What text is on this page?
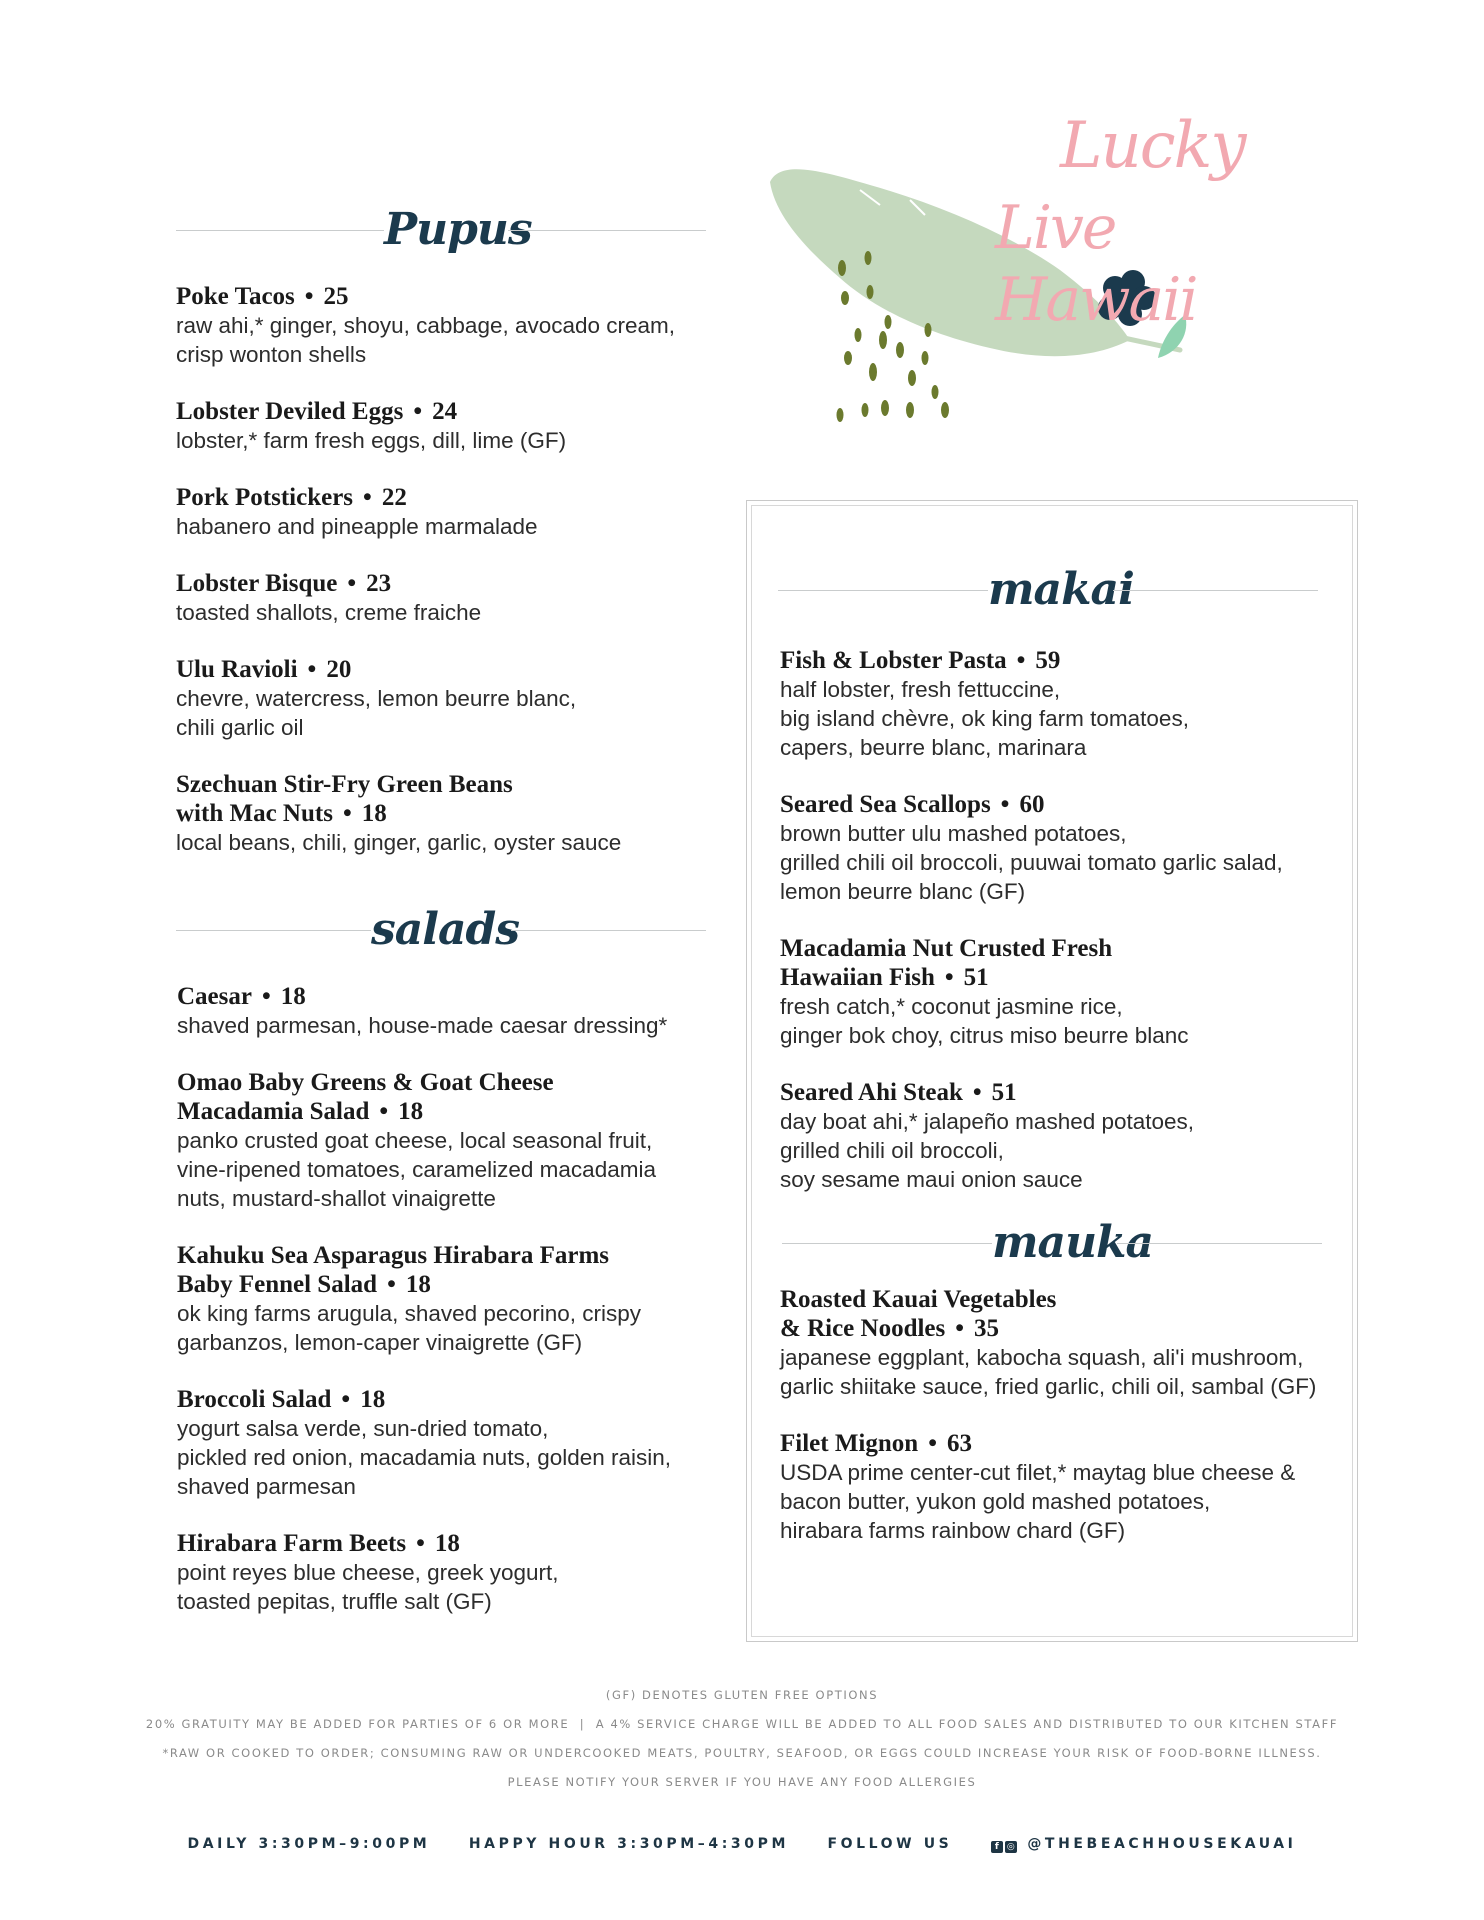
Lucky
Live Hawaii
Pupus
Poke Tacos • 25
raw ahi,* ginger, shoyu, cabbage, avocado cream,
crisp wonton shells
Lobster Deviled Eggs • 24
lobster,* farm fresh eggs, dill, lime (GF)
Pork Potstickers • 22
habanero and pineapple marmalade
Lobster Bisque • 23
toasted shallots, creme fraiche
Ulu Ravioli • 20
chevre, watercress, lemon beurre blanc,
chili garlic oil
Szechuan Stir-Fry Green Beans
with Mac Nuts • 18
local beans, chili, ginger, garlic, oyster sauce
salads
Caesar • 18
shaved parmesan, house-made caesar dressing*
Omao Baby Greens & Goat Cheese
Macadamia Salad • 18
panko crusted goat cheese, local seasonal fruit,
vine-ripened tomatoes, caramelized macadamia
nuts, mustard-shallot vinaigrette
Kahuku Sea Asparagus Hirabara Farms
Baby Fennel Salad • 18
ok king farms arugula, shaved pecorino, crispy
garbanzos, lemon-caper vinaigrette (GF)
Broccoli Salad • 18
yogurt salsa verde, sun-dried tomato,
pickled red onion, macadamia nuts, golden raisin,
shaved parmesan
Hirabara Farm Beets • 18
point reyes blue cheese, greek yogurt,
toasted pepitas, truffle salt (GF)
makai
Fish & Lobster Pasta • 59
half lobster, fresh fettuccine,
big island chèvre, ok king farm tomatoes,
capers, beurre blanc, marinara
Seared Sea Scallops • 60
brown butter ulu mashed potatoes,
grilled chili oil broccoli, puuwai tomato garlic salad,
lemon beurre blanc (GF)
Macadamia Nut Crusted Fresh
Hawaiian Fish • 51
fresh catch,* coconut jasmine rice,
ginger bok choy, citrus miso beurre blanc
Seared Ahi Steak • 51
day boat ahi,* jalapeño mashed potatoes,
grilled chili oil broccoli,
soy sesame maui onion sauce
mauka
Roasted Kauai Vegetables
& Rice Noodles • 35
japanese eggplant, kabocha squash, ali'i mushroom,
garlic shiitake sauce, fried garlic, chili oil, sambal (GF)
Filet Mignon • 63
USDA prime center-cut filet,* maytag blue cheese &
bacon butter, yukon gold mashed potatoes,
hirabara farms rainbow chard (GF)
(GF) DENOTES GLUTEN FREE OPTIONS
20% GRATUITY MAY BE ADDED FOR PARTIES OF 6 OR MORE  |  A 4% SERVICE CHARGE WILL BE ADDED TO ALL FOOD SALES AND DISTRIBUTED TO OUR KITCHEN STAFF
*RAW OR COOKED TO ORDER; CONSUMING RAW OR UNDERCOOKED MEATS, POULTRY, SEAFOOD, OR EGGS COULD INCREASE YOUR RISK OF FOOD-BORNE ILLNESS.
PLEASE NOTIFY YOUR SERVER IF YOU HAVE ANY FOOD ALLERGIES
DAILY 3:30PM–9:00PM	HAPPY HOUR 3:30PM–4:30PM	FOLLOW US	f ◎ @THEBEACHHOUSEKAUAI
